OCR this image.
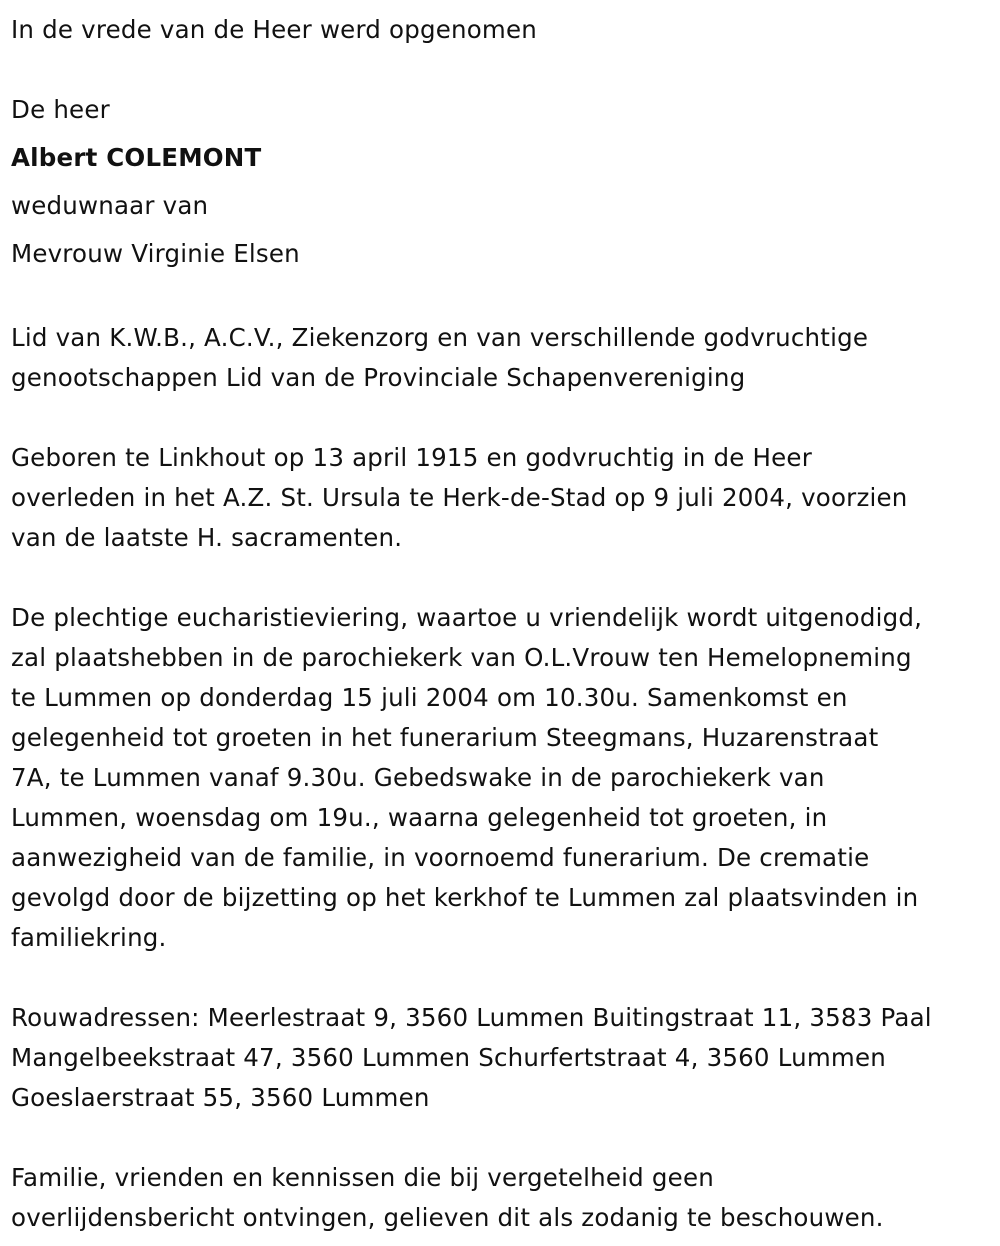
In de vrede van de Heer werd opgenomen

De heer

Albert COLEMONT

weduwnaar van

Mevrouw Virginie Elsen

Lid van K.W.B., A.C.V., Ziekenzorg en van verschillende godvruchtige

genootschappen Lid van de Provinciale Schapenvereniging

Geboren te Linkhout op 13 april 1915 en godvruchtig in de Heer

overleden in het A.Z. St. Ursula te Herk-de-Stad op 9 juli 2004, voorzien

van de laatste H. sacramenten.

De plechtige eucharistieviering, waartoe u vriendelijk wordt uitgenodigd,

zal plaatshebben in de parochiekerk van O.L.Vrouw ten Hemelopneming

te Lummen op donderdag 15 juli 2004 om 10.30u. Samenkomst en

gelegenheid tot groeten in het funerarium Steegmans, Huzarenstraat

7A, te Lummen vanaf 9.30u. Gebedswake in de parochiekerk van

Lummen, woensdag om 19u., waarna gelegenheid tot groeten, in

aanwezigheid van de familie, in voornoemd funerarium. De crematie

gevolgd door de bijzetting op het kerkhof te Lummen zal plaatsvinden in

familiekring.

Rouwadressen: Meerlestraat 9, 3560 Lummen Buitingstraat 11, 3583 Paal

Mangelbeekstraat 47, 3560 Lummen Schurfertstraat 4, 3560 Lummen

Goeslaerstraat 55, 3560 Lummen

Familie, vrienden en kennissen die bij vergetelheid geen

overlijdensbericht ontvingen, gelieven dit als zodanig te beschouwen.
